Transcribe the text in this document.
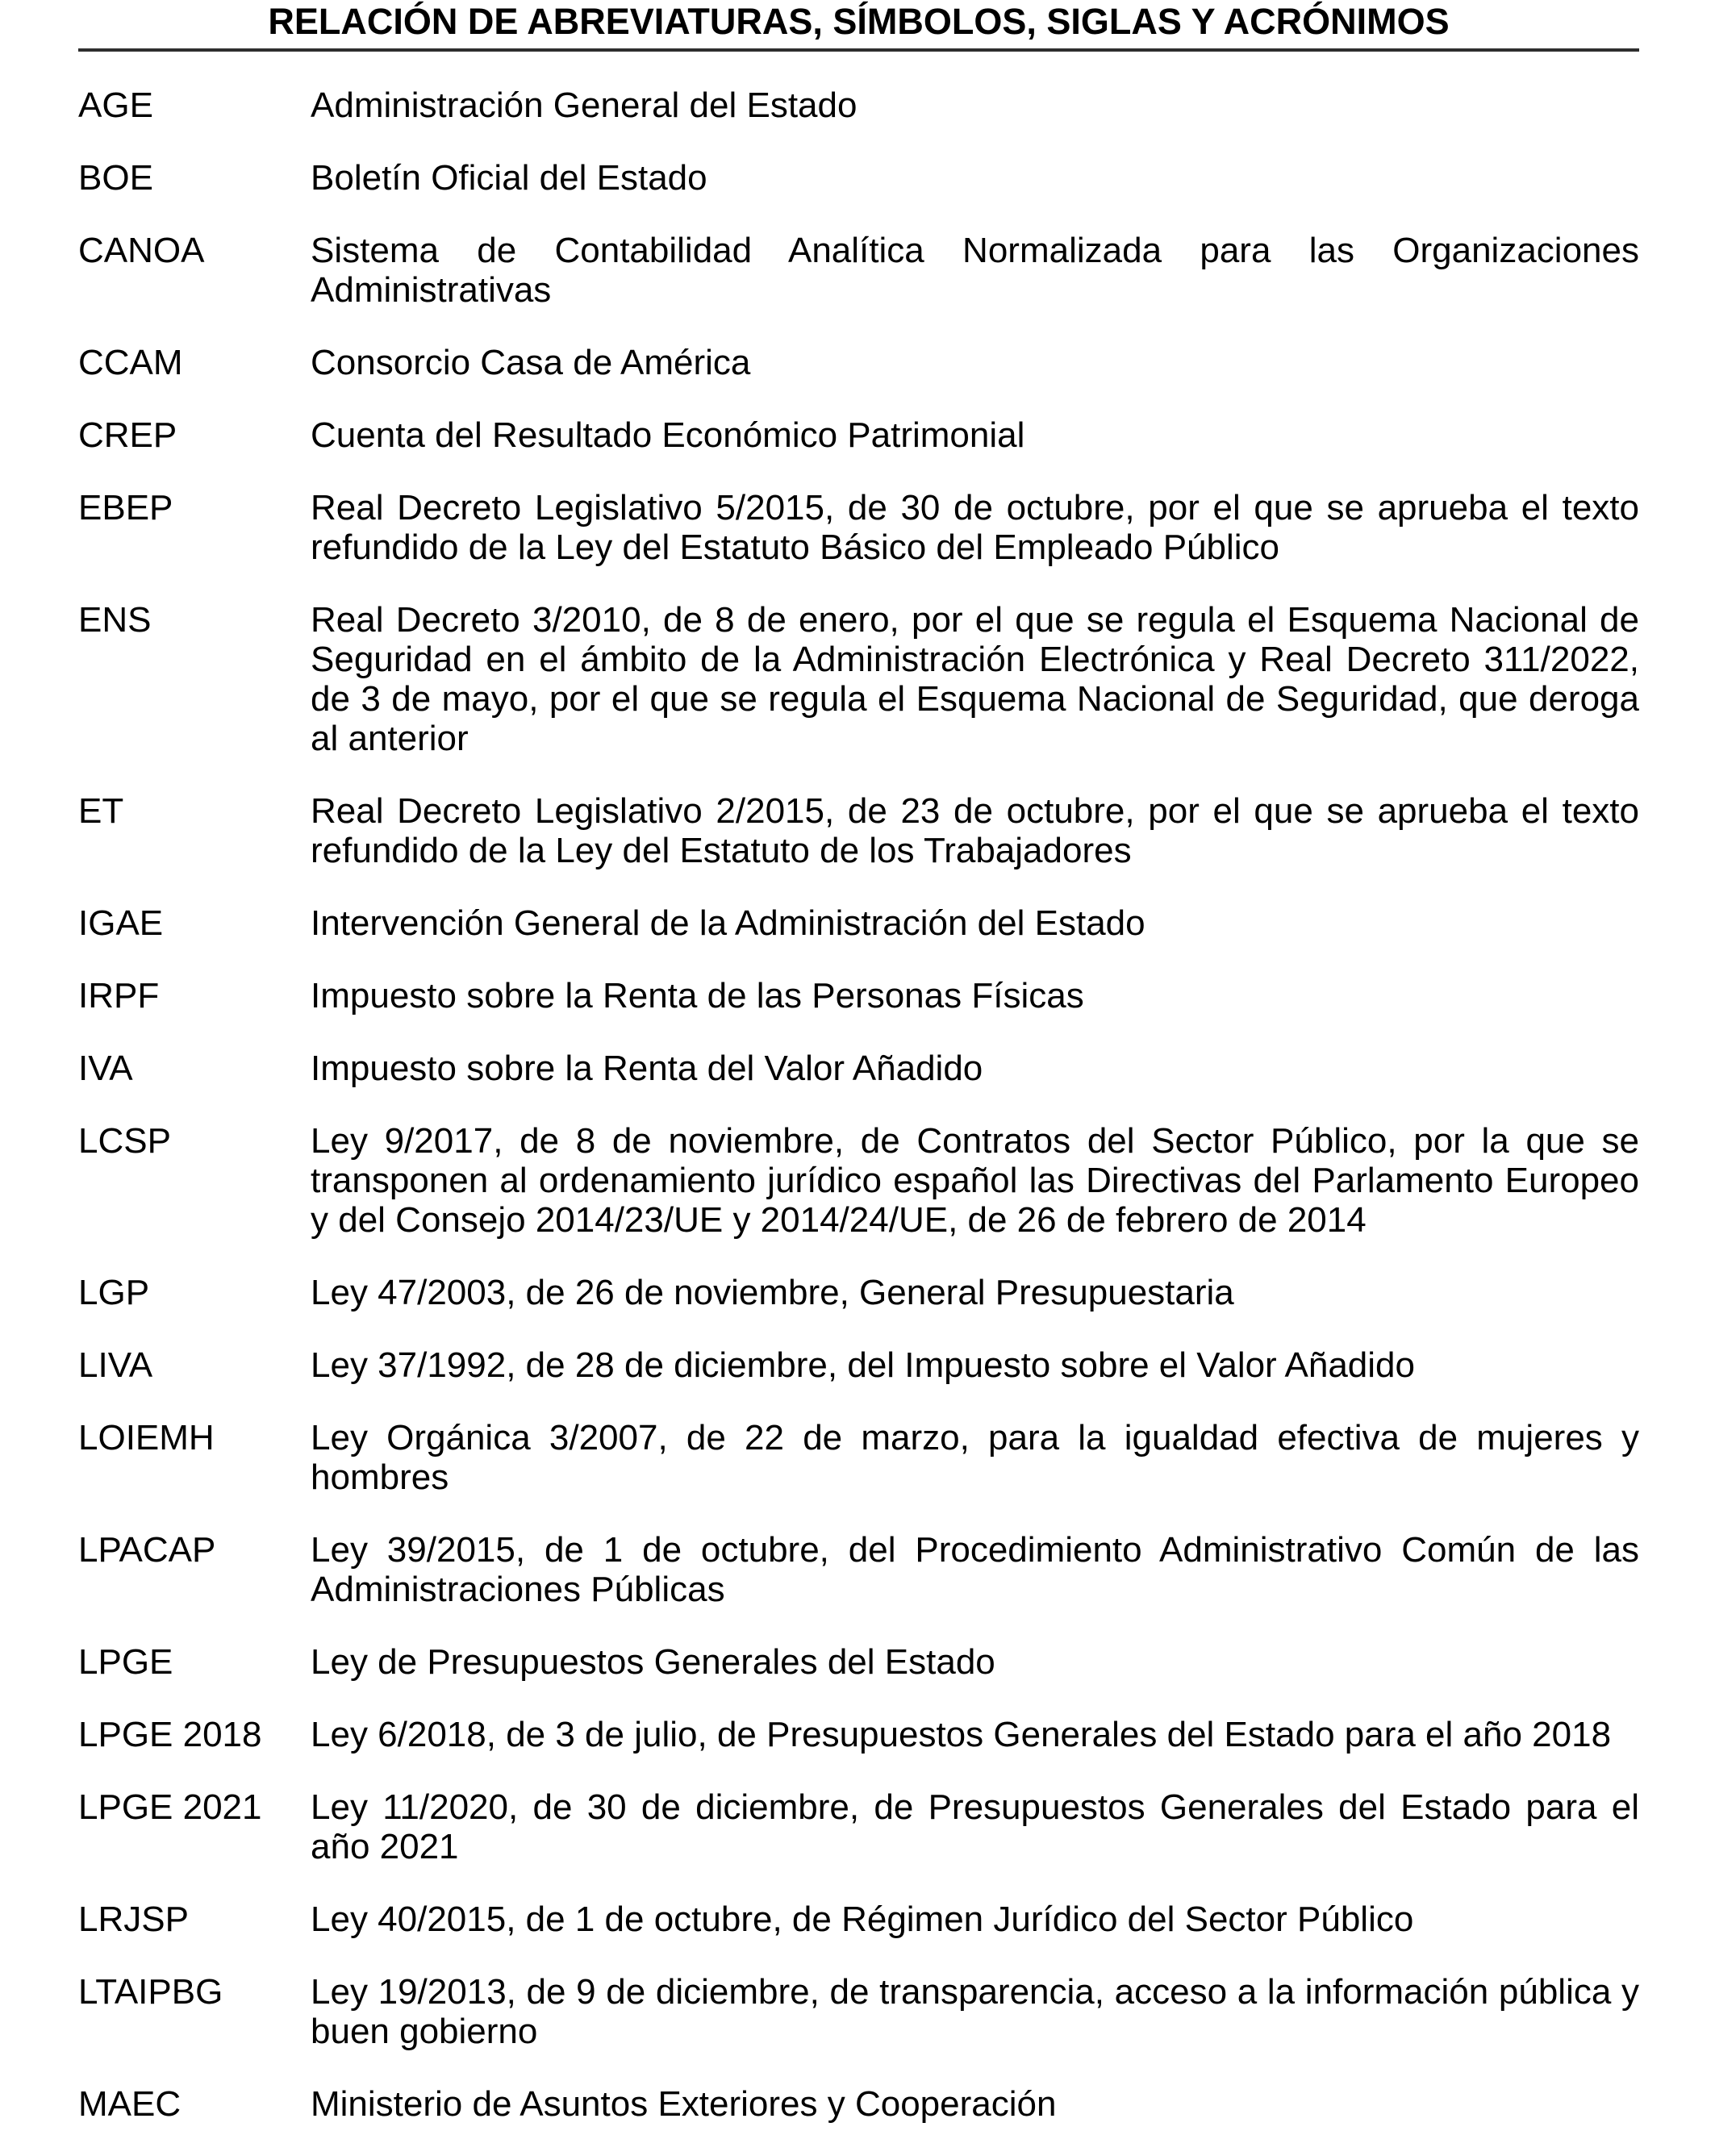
RELACIÓN DE ABREVIATURAS, SÍMBOLOS, SIGLAS Y ACRÓNIMOS
AGE	Administración General del Estado
BOE	Boletín Oficial del Estado
CANOA	Sistema de Contabilidad Analítica Normalizada para las Organizaciones Administrativas
CCAM	Consorcio Casa de América
CREP	Cuenta del Resultado Económico Patrimonial
EBEP	Real Decreto Legislativo 5/2015, de 30 de octubre, por el que se aprueba el texto refundido de la Ley del Estatuto Básico del Empleado Público
ENS	Real Decreto 3/2010, de 8 de enero, por el que se regula el Esquema Nacional de Seguridad en el ámbito de la Administración Electrónica y Real Decreto 311/2022, de 3 de mayo, por el que se regula el Esquema Nacional de Seguridad, que deroga al anterior
ET	Real Decreto Legislativo 2/2015, de 23 de octubre, por el que se aprueba el texto refundido de la Ley del Estatuto de los Trabajadores
IGAE	Intervención General de la Administración del Estado
IRPF	Impuesto sobre la Renta de las Personas Físicas
IVA	Impuesto sobre la Renta del Valor Añadido
LCSP	Ley 9/2017, de 8 de noviembre, de Contratos del Sector Público, por la que se transponen al ordenamiento jurídico español las Directivas del Parlamento Europeo y del Consejo 2014/23/UE y 2014/24/UE, de 26 de febrero de 2014
LGP	Ley 47/2003, de 26 de noviembre, General Presupuestaria
LIVA	Ley 37/1992, de 28 de diciembre, del Impuesto sobre el Valor Añadido
LOIEMH	Ley Orgánica 3/2007, de 22 de marzo, para la igualdad efectiva de mujeres y hombres
LPACAP	Ley 39/2015, de 1 de octubre, del Procedimiento Administrativo Común de las Administraciones Públicas
LPGE	Ley de Presupuestos Generales del Estado
LPGE 2018	Ley 6/2018, de 3 de julio, de Presupuestos Generales del Estado para el año 2018
LPGE 2021	Ley 11/2020, de 30 de diciembre, de Presupuestos Generales del Estado para el año 2021
LRJSP	Ley 40/2015, de 1 de octubre, de Régimen Jurídico del Sector Público
LTAIPBG	Ley 19/2013, de 9 de diciembre, de transparencia, acceso a la información pública y buen gobierno
MAEC	Ministerio de Asuntos Exteriores y Cooperación
